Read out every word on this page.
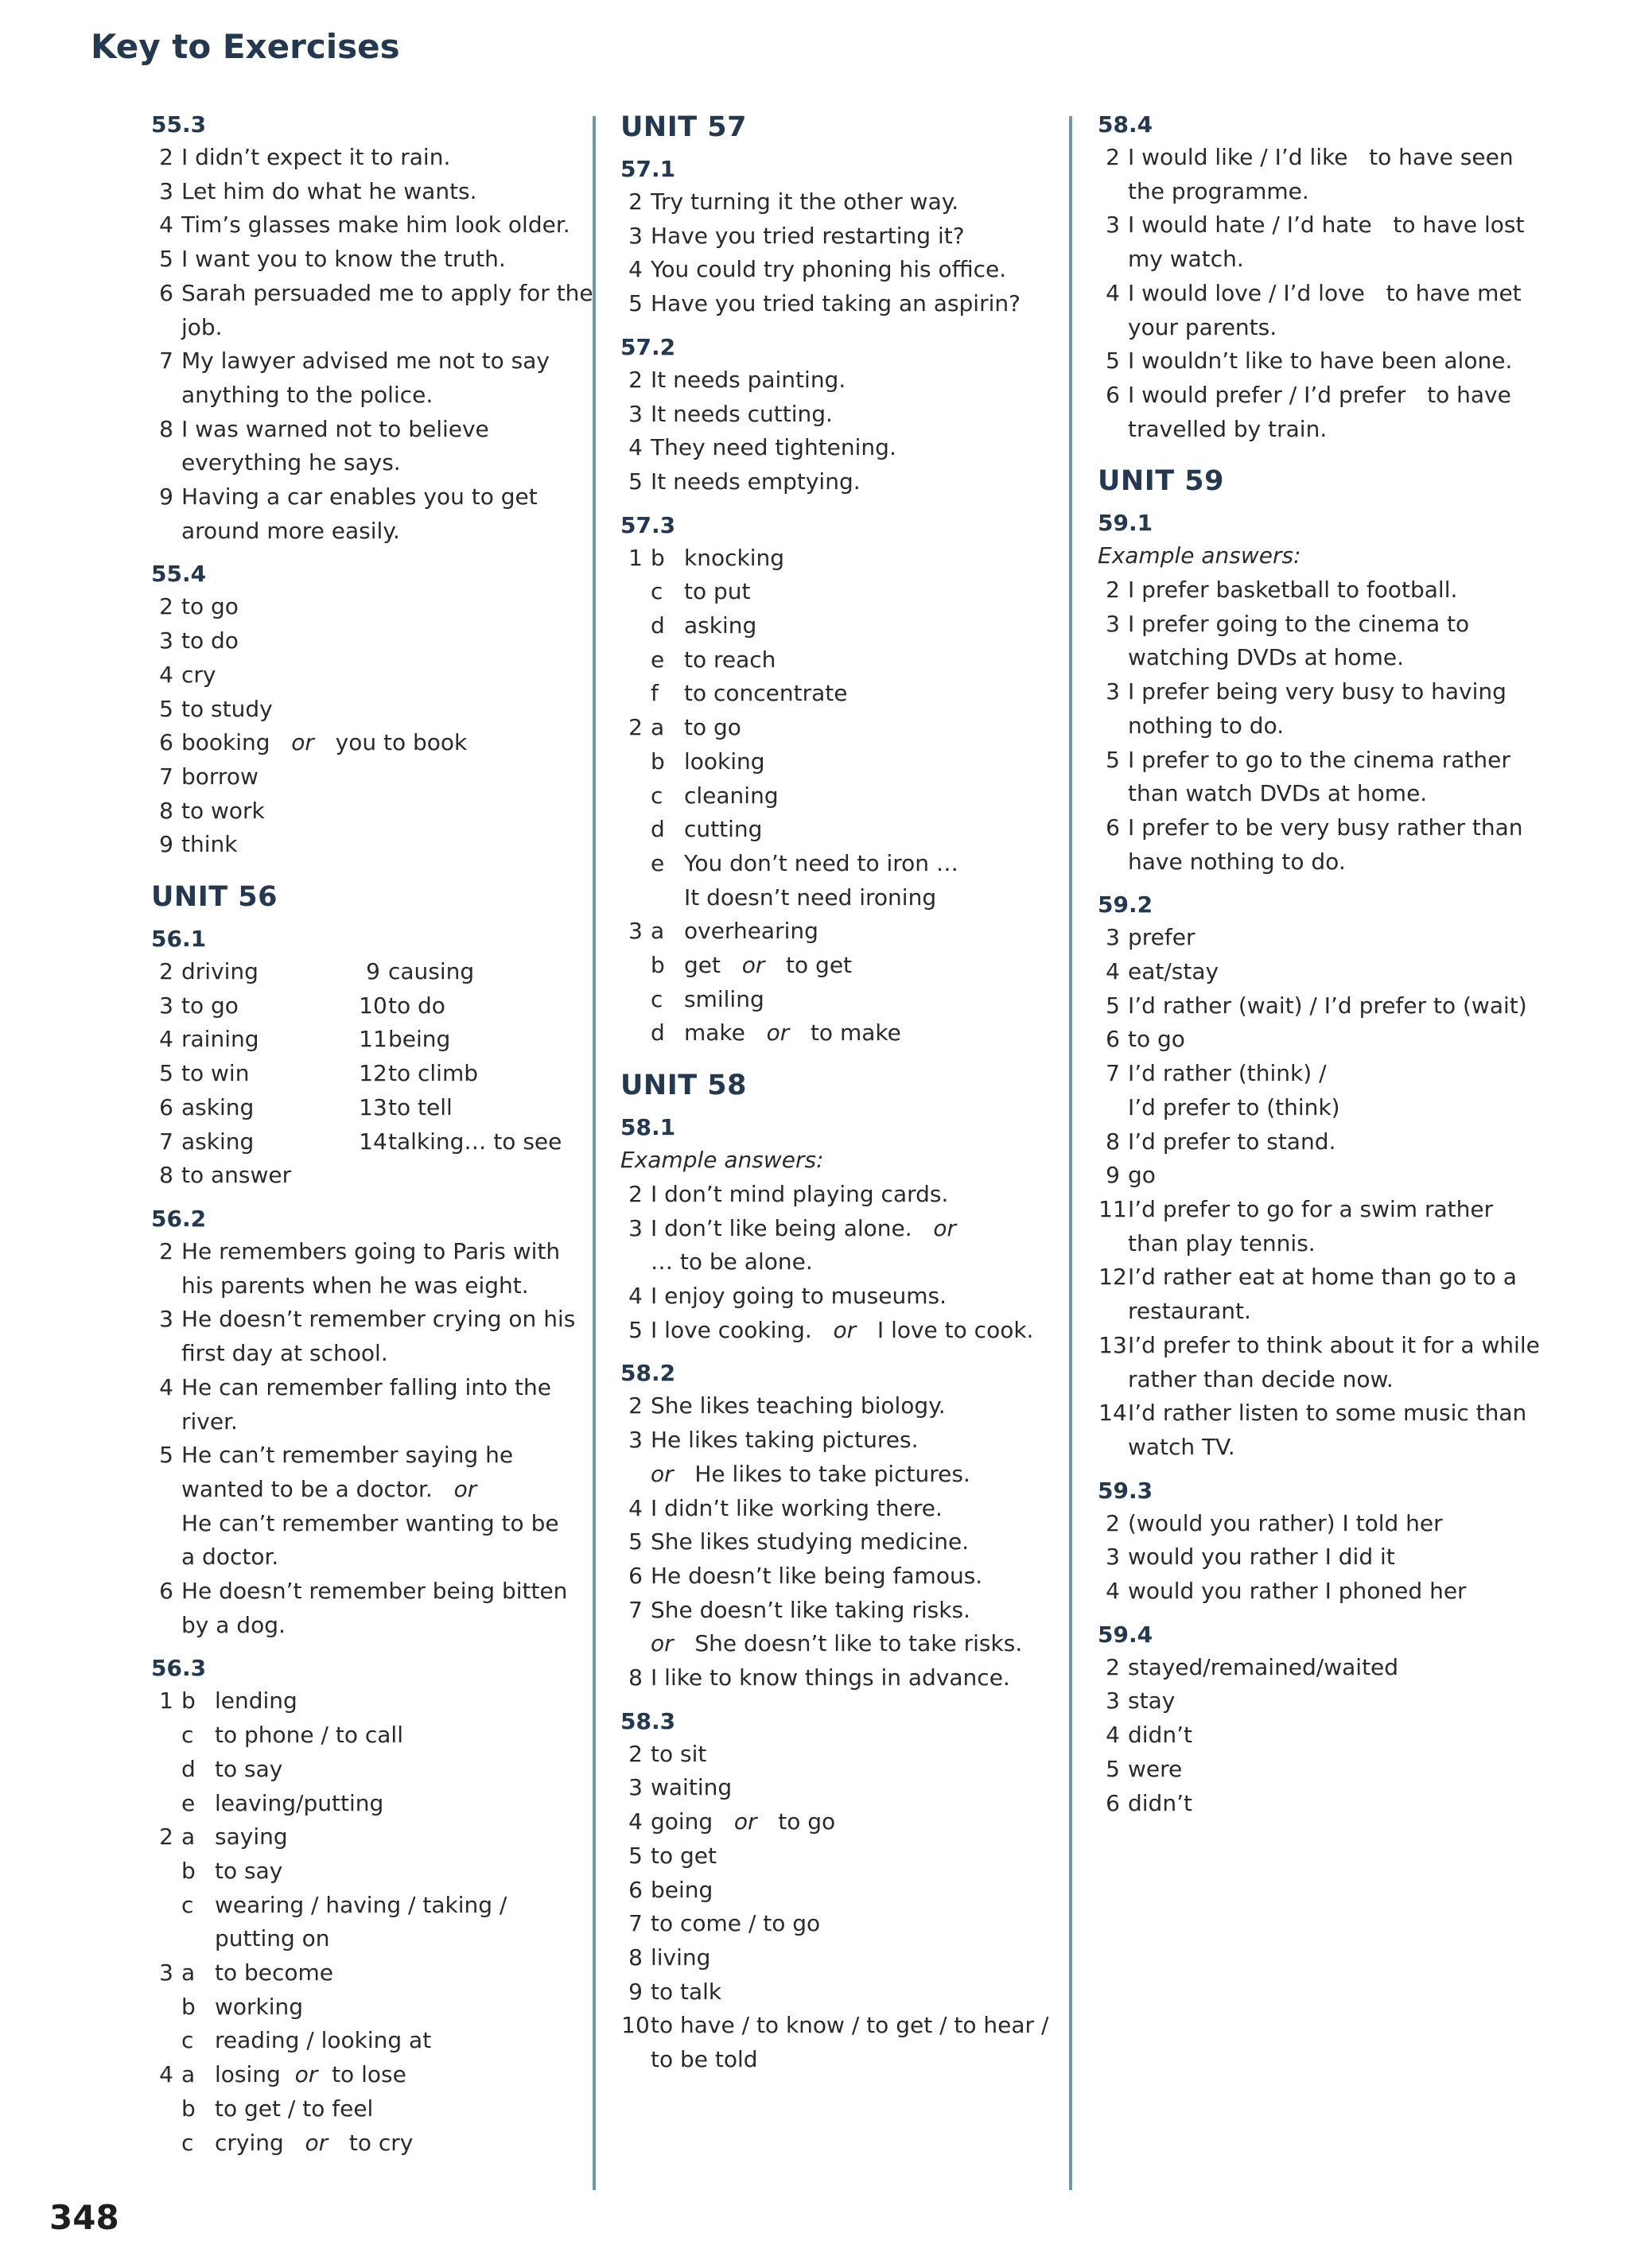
Key to Exercises
55.3
2 I didn’t expect it to rain.
3 Let him do what he wants.
4 Tim’s glasses make him look older.
5 I want you to know the truth.
6 Sarah persuaded me to apply for the
job.
7 My lawyer advised me not to say
anything to the police.
8 I was warned not to believe
everything he says.
9 Having a car enables you to get
around more easily.
55.4
2 to go
3 to do
4 cry
5 to study
6 booking or you to book
7 borrow
8 to work
9 think
UNIT 56
56.1
2 driving
3 to go
4 raining
5 to win
6 asking
7 asking
8 to answer
9 causing
10 to do
11 being
12 to climb
13 to tell
14 talking… to see
56.2
2 He remembers going to Paris with
his parents when he was eight.
3 He doesn’t remember crying on his
first day at school.
4 He can remember falling into the
river.
5 He can’t remember saying he
wanted to be a doctor.
or
He can’t remember wanting to be
a doctor.
6 He doesn’t remember being bitten
by a dog.
56.3
1 b lending
c to phone / to call
d to say
e leaving/putting
2 a saying
b to say
c wearing / having / taking /
putting on
3 a to become
b working
c reading / looking at
4 a losing or to lose
b to get / to feel
c crying or to cry
UNIT 57
57.1
2 Try turning it the other way.
3 Have you tried restarting it?
4 You could try phoning his office.
5 Have you tried taking an aspirin?
57.2
2 It needs painting.
3 It needs cutting.
4 They need tightening.
5 It needs emptying.
57.3
1 b knocking
c to put
d asking
e to reach
f	to concentrate
2 a to go
b looking
c cleaning
d cutting
e You don’t need to iron …
It doesn’t need ironing
3 a overhearing
b get or to get
c smiling
d make or to make
UNIT 58
58.1
Example answers:
2 I don’t mind playing cards.
3 I don’t like being alone. or
… to be alone.
4 I enjoy going to museums.
5 I love cooking. or I love to cook.
58.2
2 She likes teaching biology.
3 He likes taking pictures.
or
He likes to take pictures.
4 I didn’t like working there.
5 She likes studying medicine.
6 He doesn’t like being famous.
7 She doesn’t like taking risks.
or
She doesn’t like to take risks.
8 I like to know things in advance.
58.3
2 to sit
3 waiting
4 going or to go
5 to get
6 being
7 to come / to go
8 living
9 to talk
10 to have / to know / to get / to hear /
to be told
58.4
2 I would like / I’d like   to have seen
the programme.
3 I would hate / I’d hate   to have lost
my watch.
4 I would love / I’d love   to have met
your parents.
5 I wouldn’t like to have been alone.
6 I would prefer / I’d prefer   to have
travelled by train.
UNIT 59
59.1
Example answers:
2 I prefer basketball to football.
3 I prefer going to the cinema to
watching DVDs at home.
3 I prefer being very busy to having
nothing to do.
5 I prefer to go to the cinema rather
than watch DVDs at home.
6 I prefer to be very busy rather than
have nothing to do.
59.2
3 prefer
4 eat/stay
5 I’d rather (wait) / I’d prefer to (wait)
6 to go
7 I’d rather (think) /
I’d prefer to (think)
8 I’d prefer to stand.
9 go
11 I’d prefer to go for a swim rather
than play tennis.
12 I’d rather eat at home than go to a
restaurant.
13 I’d prefer to think about it for a while
rather than decide now.
14 I’d rather listen to some music than
watch TV.
59.3
2 (would you rather) I told her
3 would you rather I did it
4 would you rather I phoned her
59.4
2 stayed/remained/waited
3 stay
4 didn’t
5 were
6 didn’t
348
